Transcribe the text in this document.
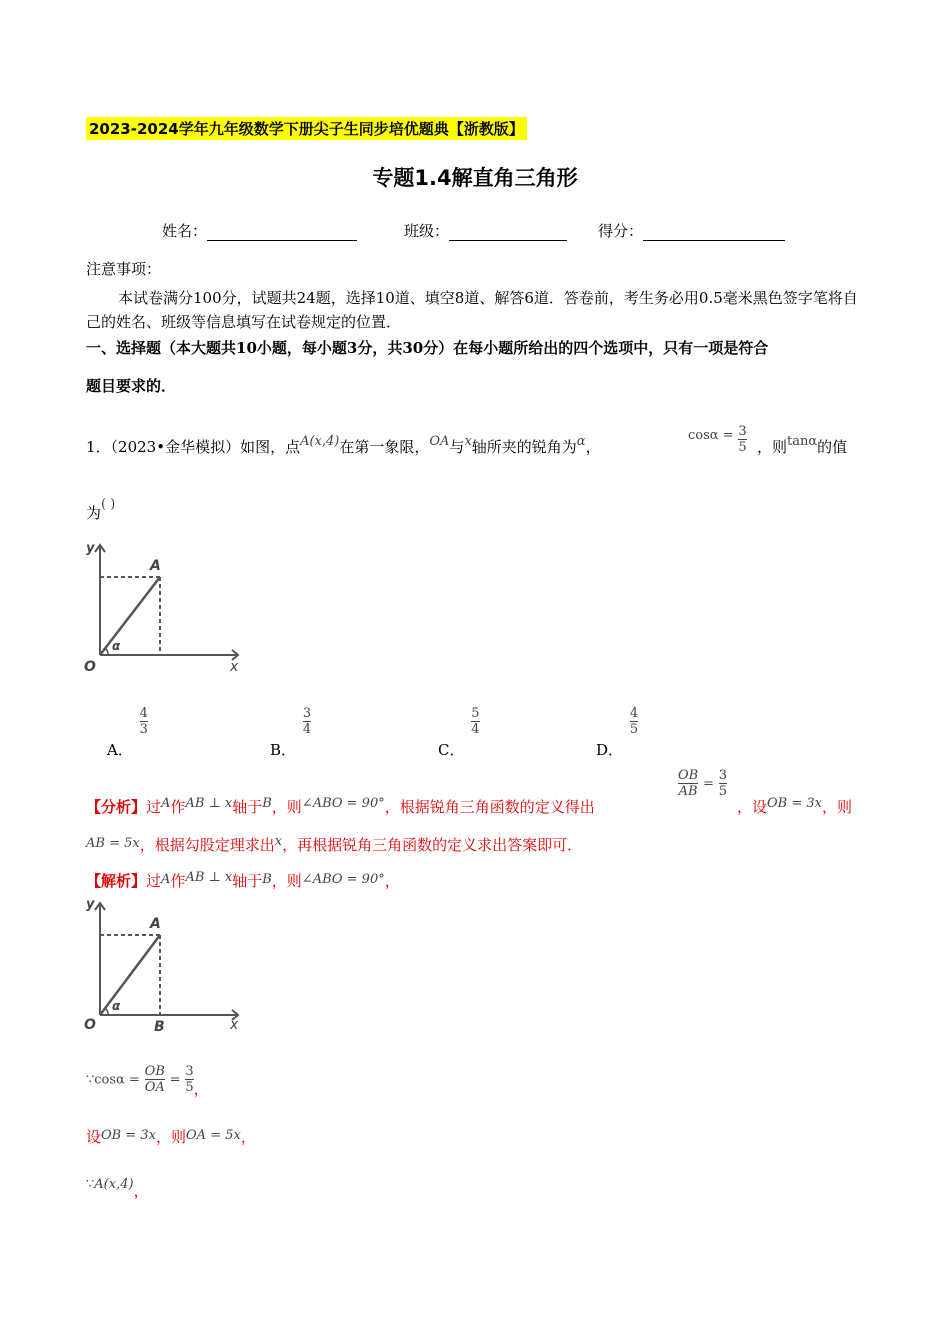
2023-2024学年九年级数学下册尖子生同步培优题典【浙教版】
专题1.4解直角三角形
姓名：	班级：	得分：
注意事项：
本试卷满分100分，试题共24题，选择10道、填空8道、解答6道．答卷前，考生务必用0.5毫米黑色签字笔将自己的姓名、班级等信息填写在试卷规定的位置．
一、选择题（本大题共10小题，每小题3分，共30分）在每小题所给出的四个选项中，只有一项是符合
题目要求的．
1．（2023•金华模拟）如图，点A(x,4)在第一象限，OA与x轴所夹的锐角为α，
$\cos\alpha = \frac{3}{5}$ ，则tanα的值
为( )
y
O
A
α
x
A．
$\frac{4}{3}$
B．
$\frac{3}{4}$
C．
$\frac{5}{4}$
D．
$\frac{4}{5}$
【分析】过A作AB ⊥ x轴于B，则∠ABO = 90°，根据锐角三角函数的定义得出
$\frac{OB}{AB} = \frac{3}{5}$
，设OB = 3x，则
AB = 5x，根据勾股定理求出x，再根据锐角三角函数的定义求出答案即可．
【解析】过A作AB ⊥ x轴于B，则∠ABO = 90°，
y
O
A
α
B	x
∵cosα = $\frac{OB}{OA} = \frac{3}{5}$ ，
设OB = 3x，则OA = 5x，
∵A(x,4)，
